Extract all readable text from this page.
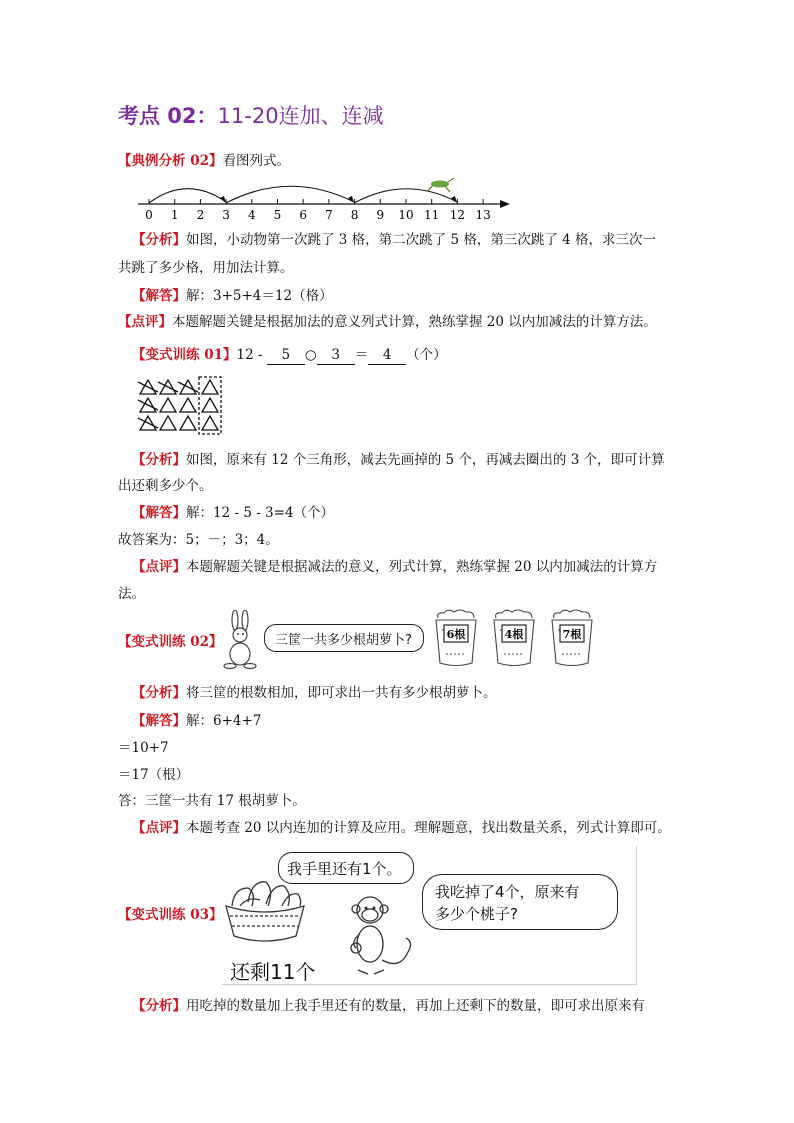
考点 02：11-20连加、连减
【典例分析 02】看图列式。
0 1 2 3 4 5 6 7 8 9 10 11 12 13
【分析】如图，小动物第一次跳了 3 格，第二次跳了 5 格，第三次跳了 4 格，求三次一
共跳了多少格，用加法计算。
【解答】解：3+5+4＝12（格）
【点评】本题解题关键是根据加法的意义列式计算，熟练掌握 20 以内加减法的计算方法。
【变式训练 01】12 - 5 ○ 3 ＝ 4 （个）
【分析】如图，原来有 12 个三角形，减去先画掉的 5 个，再减去圈出的 3 个，即可计算
出还剩多少个。
【解答】解：12 - 5 - 3=4（个）
故答案为：5；－；3；4。
【点评】本题解题关键是根据减法的意义，列式计算，熟练掌握 20 以内加减法的计算方
法。
【变式训练 02】	三筐一共多少根胡萝卜?	6根	4根	7根
【分析】将三筐的根数相加，即可求出一共有多少根胡萝卜。
【解答】解：6+4+7
＝10+7
＝17（根）
答：三筐一共有 17 根胡萝卜。
【点评】本题考查 20 以内连加的计算及应用。理解题意，找出数量关系，列式计算即可。
【变式训练 03】
还剩11个
我手里还有1个。
我吃掉了4个，原来有
多少个桃子?
【分析】用吃掉的数量加上我手里还有的数量，再加上还剩下的数量，即可求出原来有
